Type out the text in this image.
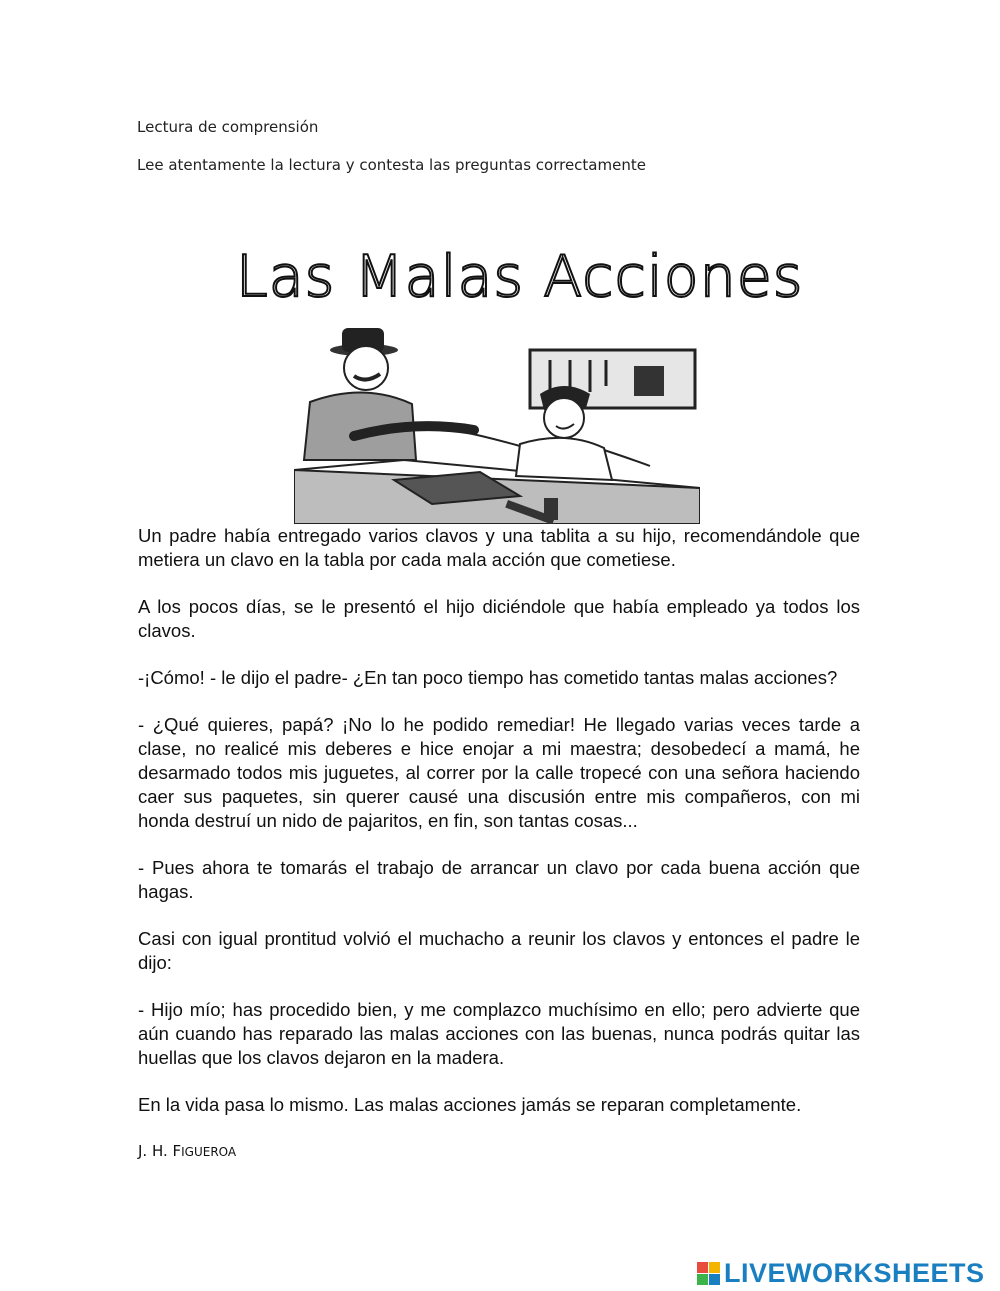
Lectura de comprensión
Lee atentamente la lectura y contesta las preguntas correctamente
Las Malas Acciones

Un padre había entregado varios clavos y una tablita a su hijo, recomendándole que metiera un clavo en la tabla por cada mala acción que cometiese.

A los pocos días, se le presentó el hijo diciéndole que había empleado ya todos los clavos.

-¡Cómo! - le dijo el padre- ¿En tan poco tiempo has cometido tantas malas acciones?

- ¿Qué quieres, papá? ¡No lo he podido remediar! He llegado varias veces tarde a clase, no realicé mis deberes e hice enojar a mi maestra; desobedecí a mamá, he desarmado todos mis juguetes, al correr por la calle tropecé con una señora haciendo caer sus paquetes, sin querer causé una discusión entre mis compañeros, con mi honda destruí un nido de pajaritos, en fin, son tantas cosas...

- Pues ahora te tomarás el trabajo de arrancar un clavo por cada buena acción que hagas.

Casi con igual prontitud volvió el muchacho a reunir los clavos y entonces el padre le dijo:

- Hijo mío; has procedido bien, y me complazco muchísimo en ello; pero advierte que aún cuando has reparado las malas acciones con las buenas, nunca podrás quitar las huellas que los clavos dejaron en la madera.

En la vida pasa lo mismo. Las malas acciones jamás se reparan completamente.

J. H. FIGUEROA
LIVEWORKSHEETS
